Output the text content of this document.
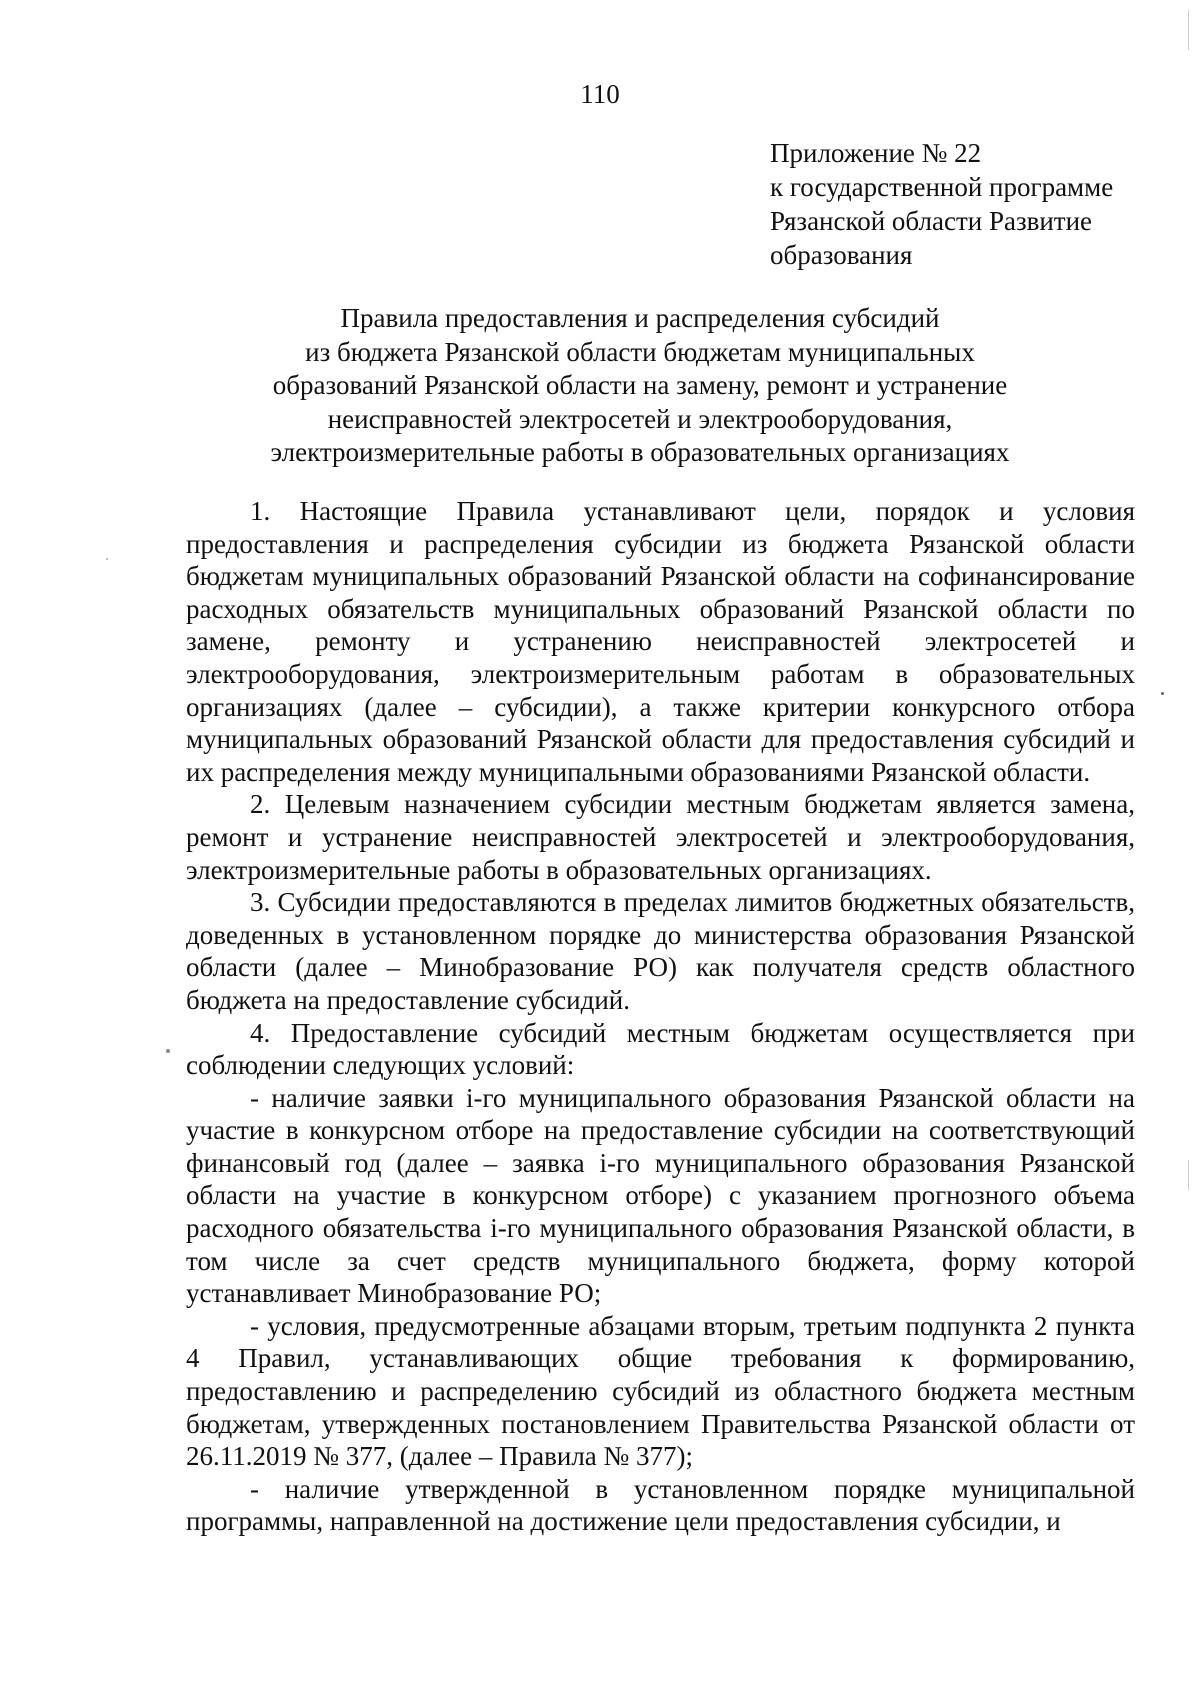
110
Приложение № 22
к государственной программе
Рязанской области Развитие
образования
Правила предоставления и распределения субсидий
из бюджета Рязанской области бюджетам муниципальных
образований Рязанской области на замену, ремонт и устранение
неисправностей электросетей и электрооборудования,
электроизмерительные работы в образовательных организациях

1. Настоящие Правила устанавливают цели, порядок и условия предоставления и распределения субсидии из бюджета Рязанской области бюджетам муниципальных образований Рязанской области на софинансирование расходных обязательств муниципальных образований Рязанской области по замене, ремонту и устранению неисправностей электросетей и электрооборудования, электроизмерительным работам в образовательных организациях (далее – субсидии), а также критерии конкурсного отбора муниципальных образований Рязанской области для предоставления субсидий и их распределения между муниципальными образованиями Рязанской области.

2. Целевым назначением субсидии местным бюджетам является замена, ремонт и устранение неисправностей электросетей и электрооборудования, электроизмерительные работы в образовательных организациях.

3. Субсидии предоставляются в пределах лимитов бюджетных обязательств, доведенных в установленном порядке до министерства образования Рязанской области (далее – Минобразование РО) как получателя средств областного бюджета на предоставление субсидий.

4. Предоставление субсидий местным бюджетам осуществляется при соблюдении следующих условий:

- наличие заявки i-го муниципального образования Рязанской области на участие в конкурсном отборе на предоставление субсидии на соответствующий финансовый год (далее – заявка i-го муниципального образования Рязанской области на участие в конкурсном отборе) с указанием прогнозного объема расходного обязательства i-го муниципального образования Рязанской области, в том числе за счет средств муниципального бюджета, форму которой устанавливает Минобразование РО;

- условия, предусмотренные абзацами вторым, третьим подпункта 2 пункта 4 Правил, устанавливающих общие требования к формированию, предоставлению и распределению субсидий из областного бюджета местным бюджетам, утвержденных постановлением Правительства Рязанской области от 26.11.2019 № 377, (далее – Правила № 377);

- наличие утвержденной в установленном порядке муниципальной программы, направленной на достижение цели предоставления субсидии, и
